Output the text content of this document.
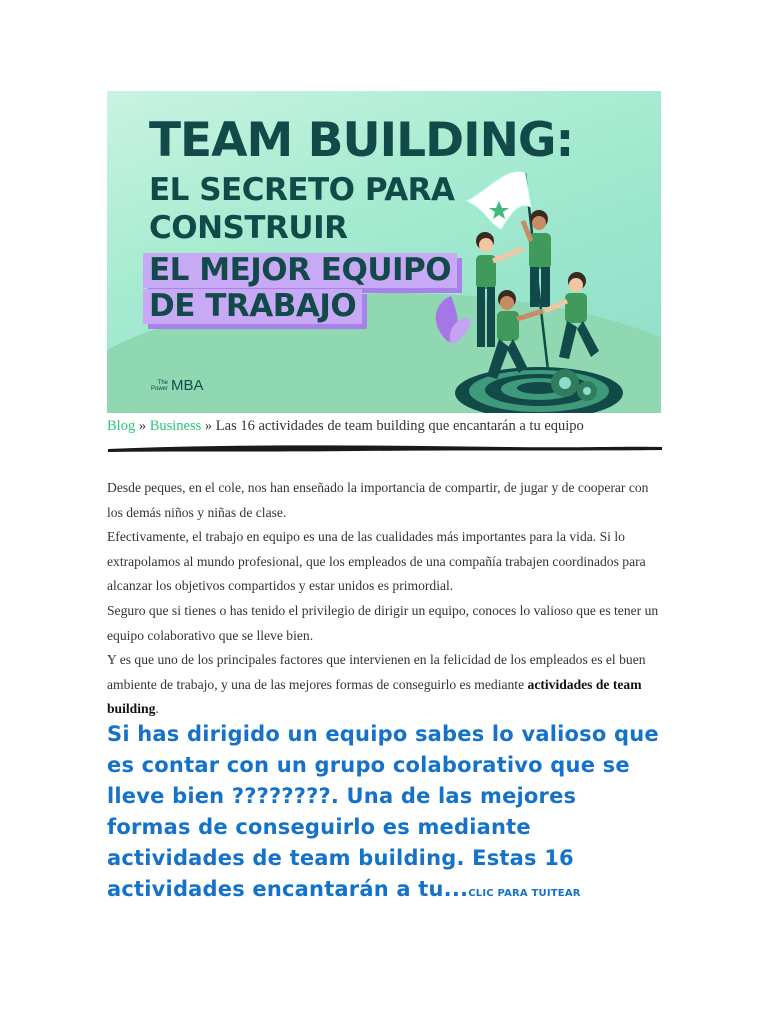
TEAM BUILDING:
EL SECRETO PARA
CONSTRUIR
EL MEJOR EQUIPO
DE TRABAJO
The
Power MBA
Blog » Business » Las 16 actividades de team building que encantarán a tu equipo

Desde peques, en el cole, nos han enseñado la importancia de compartir, de jugar y de cooperar con los demás niños y niñas de clase.

Efectivamente, el trabajo en equipo es una de las cualidades más importantes para la vida. Si lo extrapolamos al mundo profesional, que los empleados de una compañía trabajen coordinados para alcanzar los objetivos compartidos y estar unidos es primordial.

Seguro que si tienes o has tenido el privilegio de dirigir un equipo, conoces lo valioso que es tener un equipo colaborativo que se lleve bien.

Y es que uno de los principales factores que intervienen en la felicidad de los empleados es el buen ambiente de trabajo, y una de las mejores formas de conseguirlo es mediante actividades de team building.

Si has dirigido un equipo sabes lo valioso que es contar con un grupo colaborativo que se lleve bien ????????. Una de las mejores formas de conseguirlo es mediante actividades de team building. Estas 16 actividades encantarán a tu...CLIC PARA TUITEAR
